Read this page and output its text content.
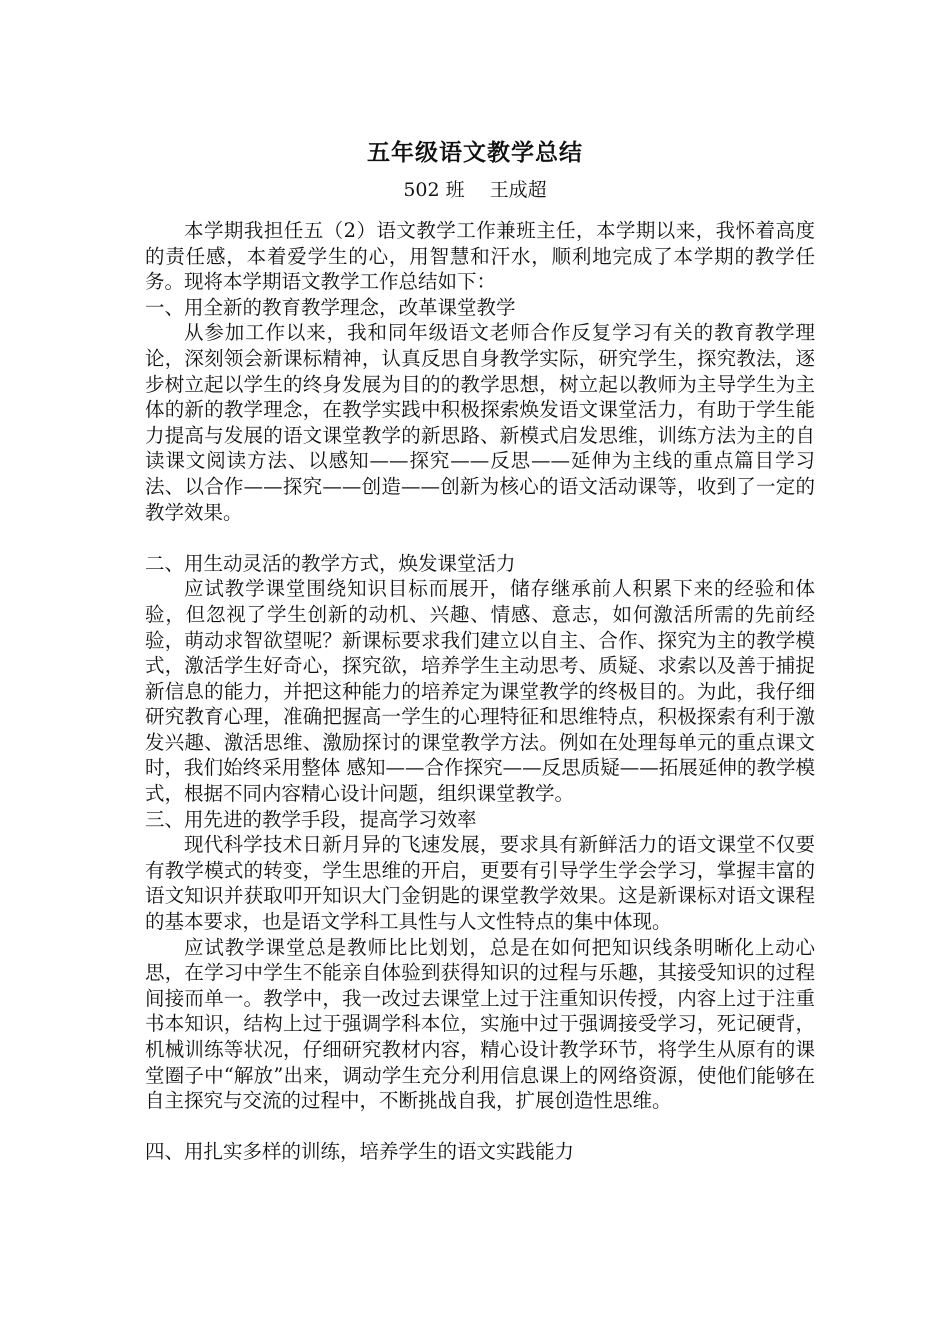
五年级语文教学总结
502 班　 王成超

本学期我担任五（2）语文教学工作兼班主任，本学期以来，我怀着高度的责任感，本着爱学生的心，用智慧和汗水，顺利地完成了本学期的教学任务。现将本学期语文教学工作总结如下：

一、用全新的教育教学理念，改革课堂教学

从参加工作以来，我和同年级语文老师合作反复学习有关的教育教学理论，深刻领会新课标精神，认真反思自身教学实际，研究学生，探究教法，逐步树立起以学生的终身发展为目的的教学思想，树立起以教师为主导学生为主体的新的教学理念，在教学实践中积极探索焕发语文课堂活力，有助于学生能力提高与发展的语文课堂教学的新思路、新模式启发思维，训练方法为主的自读课文阅读方法、以感知——探究——反思——延伸为主线的重点篇目学习法、以合作——探究——创造——创新为核心的语文活动课等，收到了一定的教学效果。

二、用生动灵活的教学方式，焕发课堂活力

应试教学课堂围绕知识目标而展开，储存继承前人积累下来的经验和体验，但忽视了学生创新的动机、兴趣、情感、意志，如何激活所需的先前经验，萌动求智欲望呢？新课标要求我们建立以自主、合作、探究为主的教学模式，激活学生好奇心，探究欲，培养学生主动思考、质疑、求索以及善于捕捉新信息的能力，并把这种能力的培养定为课堂教学的终极目的。为此，我仔细研究教育心理，准确把握高一学生的心理特征和思维特点，积极探索有利于激发兴趣、激活思维、激励探讨的课堂教学方法。例如在处理每单元的重点课文时，我们始终采用整体 感知——合作探究——反思质疑——拓展延伸的教学模式，根据不同内容精心设计问题，组织课堂教学。

三、用先进的教学手段，提高学习效率

现代科学技术日新月异的飞速发展，要求具有新鲜活力的语文课堂不仅要有教学模式的转变，学生思维的开启，更要有引导学生学会学习，掌握丰富的语文知识并获取叩开知识大门金钥匙的课堂教学效果。这是新课标对语文课程的基本要求，也是语文学科工具性与人文性特点的集中体现。

应试教学课堂总是教师比比划划，总是在如何把知识线条明晰化上动心思，在学习中学生不能亲自体验到获得知识的过程与乐趣，其接受知识的过程间接而单一。教学中，我一改过去课堂上过于注重知识传授，内容上过于注重书本知识，结构上过于强调学科本位，实施中过于强调接受学习，死记硬背，机械训练等状况，仔细研究教材内容，精心设计教学环节，将学生从原有的课堂圈子中“解放”出来，调动学生充分利用信息课上的网络资源，使他们能够在自主探究与交流的过程中，不断挑战自我，扩展创造性思维。

四、用扎实多样的训练，培养学生的语文实践能力
